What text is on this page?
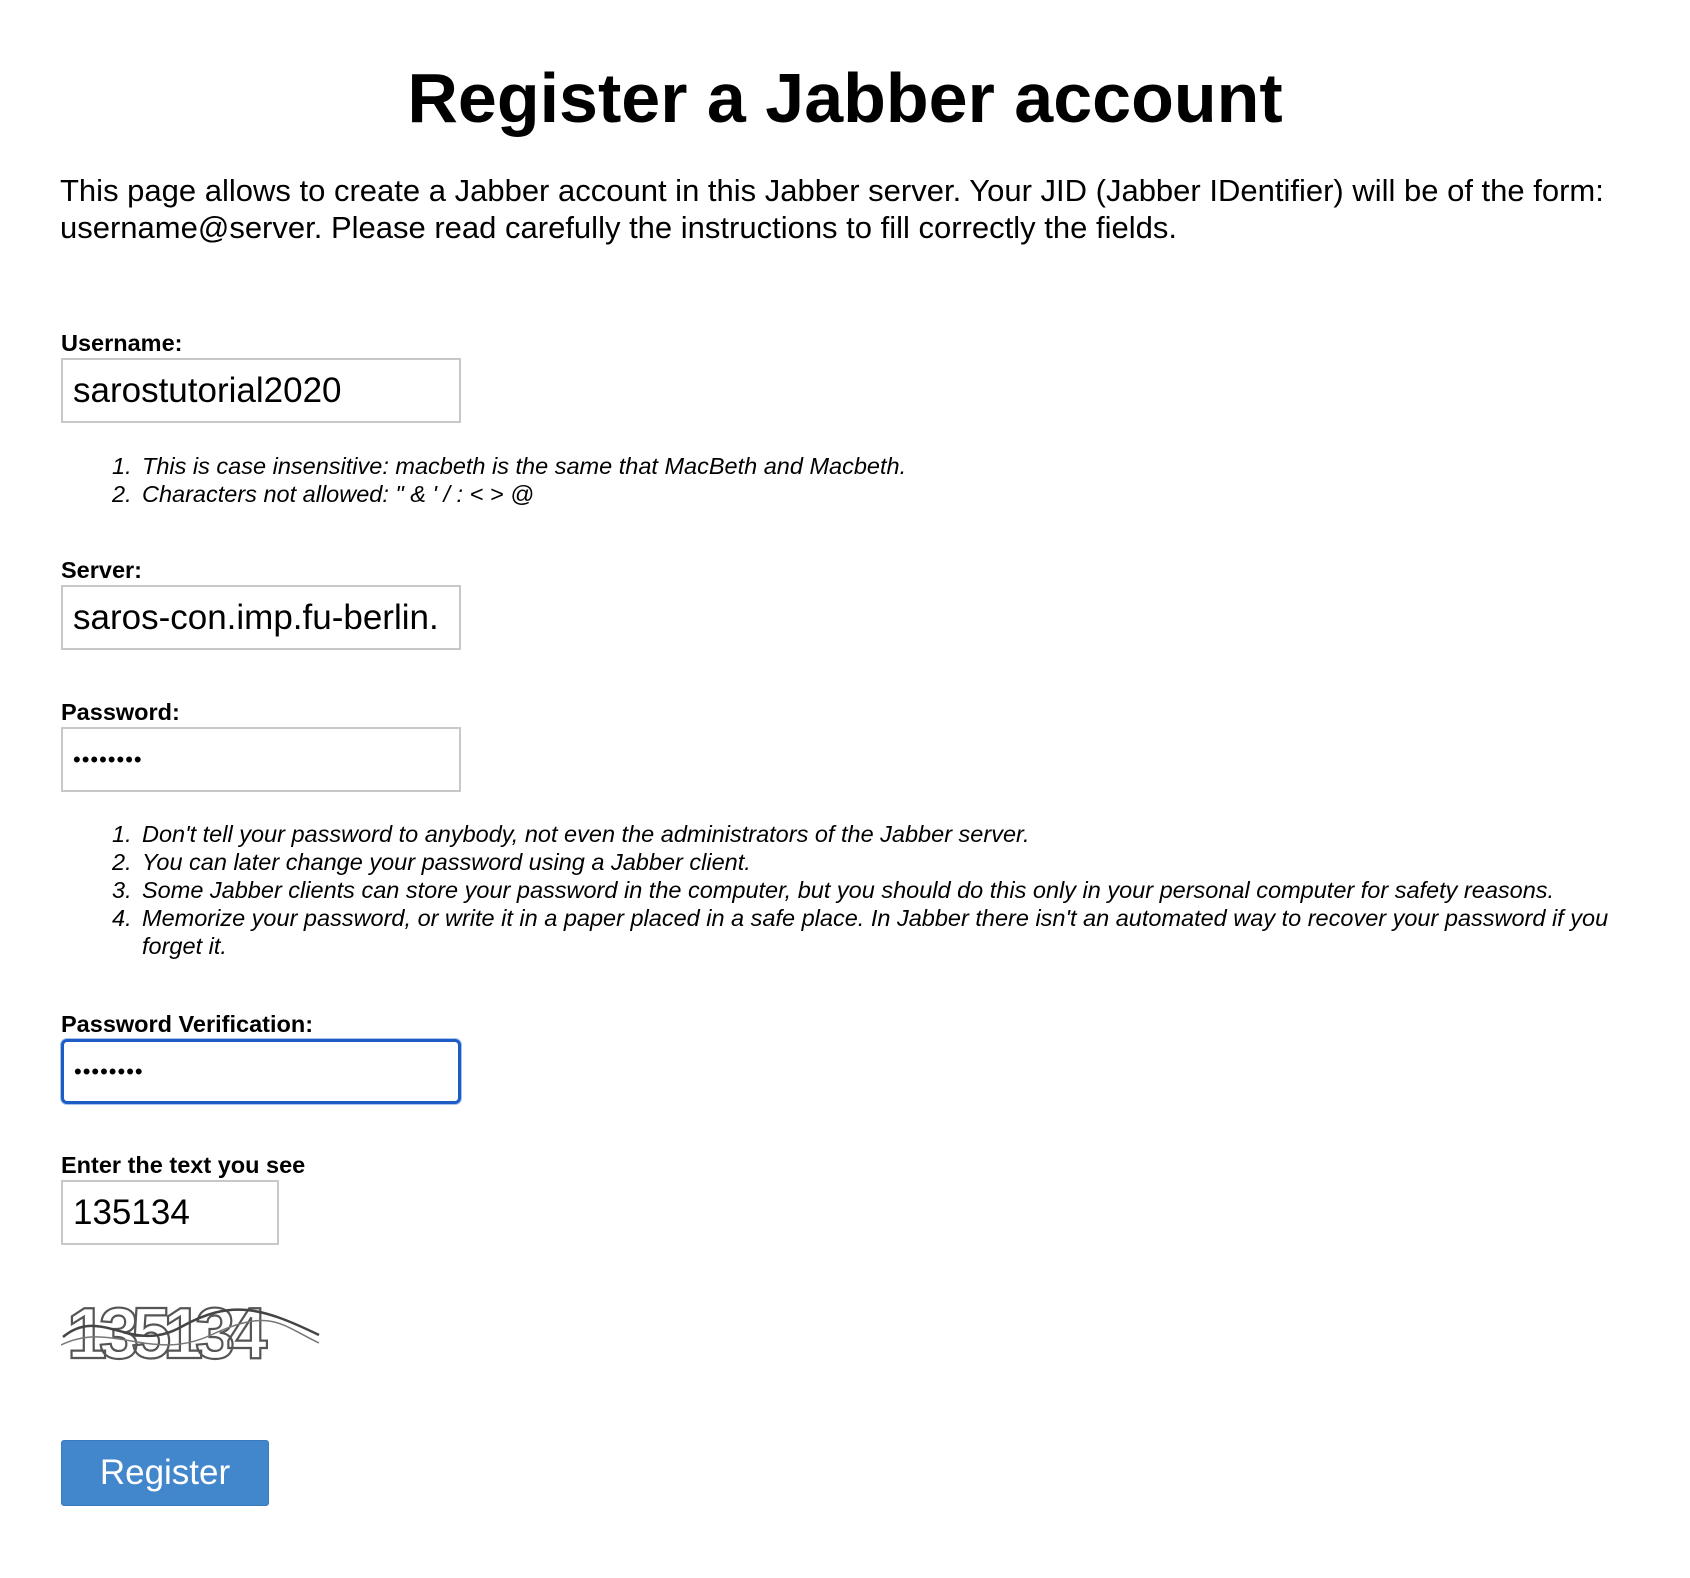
Register a Jabber account

This page allows to create a Jabber account in this Jabber server. Your JID (Jabber IDentifier) will be of the form: username@server. Please read carefully the instructions to fill correctly the fields.

Username:
sarostutorial2020
1. This is case insensitive: macbeth is the same that MacBeth and Macbeth.
2. Characters not allowed: " & ' / : < > @
Server:
saros-con.imp.fu-berlin.
Password:
••••••••
1. Don't tell your password to anybody, not even the administrators of the Jabber server.
2. You can later change your password using a Jabber client.
3. Some Jabber clients can store your password in the computer, but you should do this only in your personal computer for safety reasons.
4. Memorize your password, or write it in a paper placed in a safe place. In Jabber there isn't an automated way to recover your password if you forget it.
Password Verification:
••••••••
Enter the text you see
135134
135134
Register
